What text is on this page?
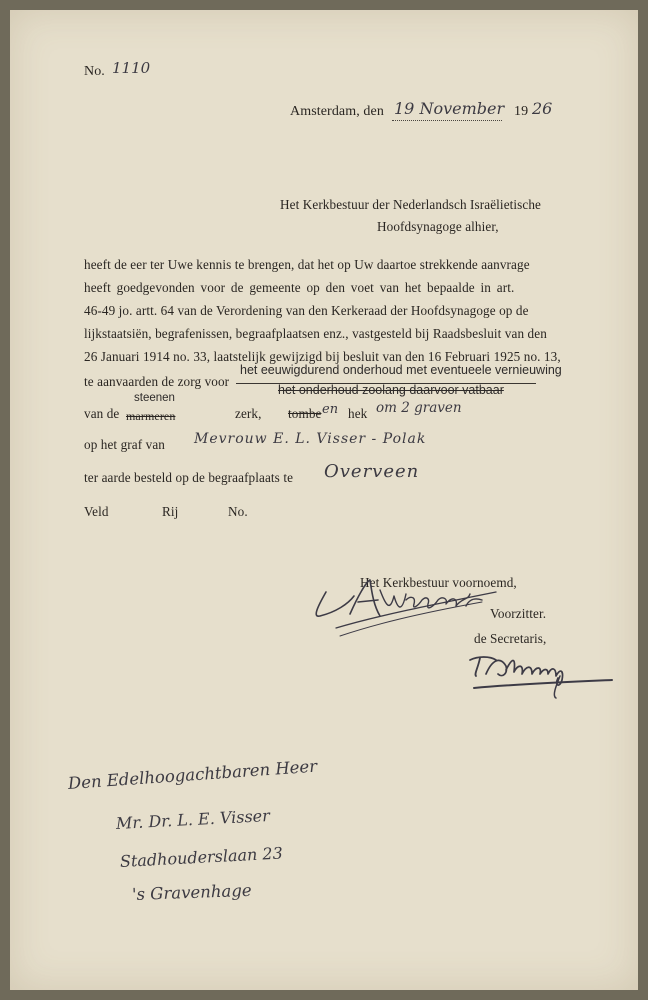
No. 1110
Amsterdam, den 19 November 19 26
Het Kerkbestuur der Nederlandsch Israëlietische
Hoofdsynagoge alhier,
heeft de eer ter Uwe kennis te brengen, dat het op Uw daartoe strekkende aanvrage
heeft goedgevonden voor de gemeente op den voet van het bepaalde in art.
46-49 jo. artt. 64 van de Verordening van den Kerkeraad der Hoofdsynagoge op de
lijkstaatsiën, begrafenissen, begraafplaatsen enz., vastgesteld bij Raadsbesluit van den
26 Januari 1914 no. 33, laatstelijk gewijzigd bij besluit van den 16 Februari 1925 no. 13,
te aanvaarden de zorg voor
het eeuwigdurend onderhoud met eventueele vernieuwing
het onderhoud zoolang daarvoor vatbaar
van de
steenen
marmeren	zerk, tombe en hek om 2 graven
op het graf van Mevrouw E. L. Visser - Polak
ter aarde besteld op de begraafplaats te Overveen
Veld	Rij	No.
Het Kerkbestuur voornoemd,
Voorzitter.
de Secretaris,
Den Edelhoogachtbaren Heer
Mr. Dr. L. E. Visser
Stadhouderslaan 23
's Gravenhage
